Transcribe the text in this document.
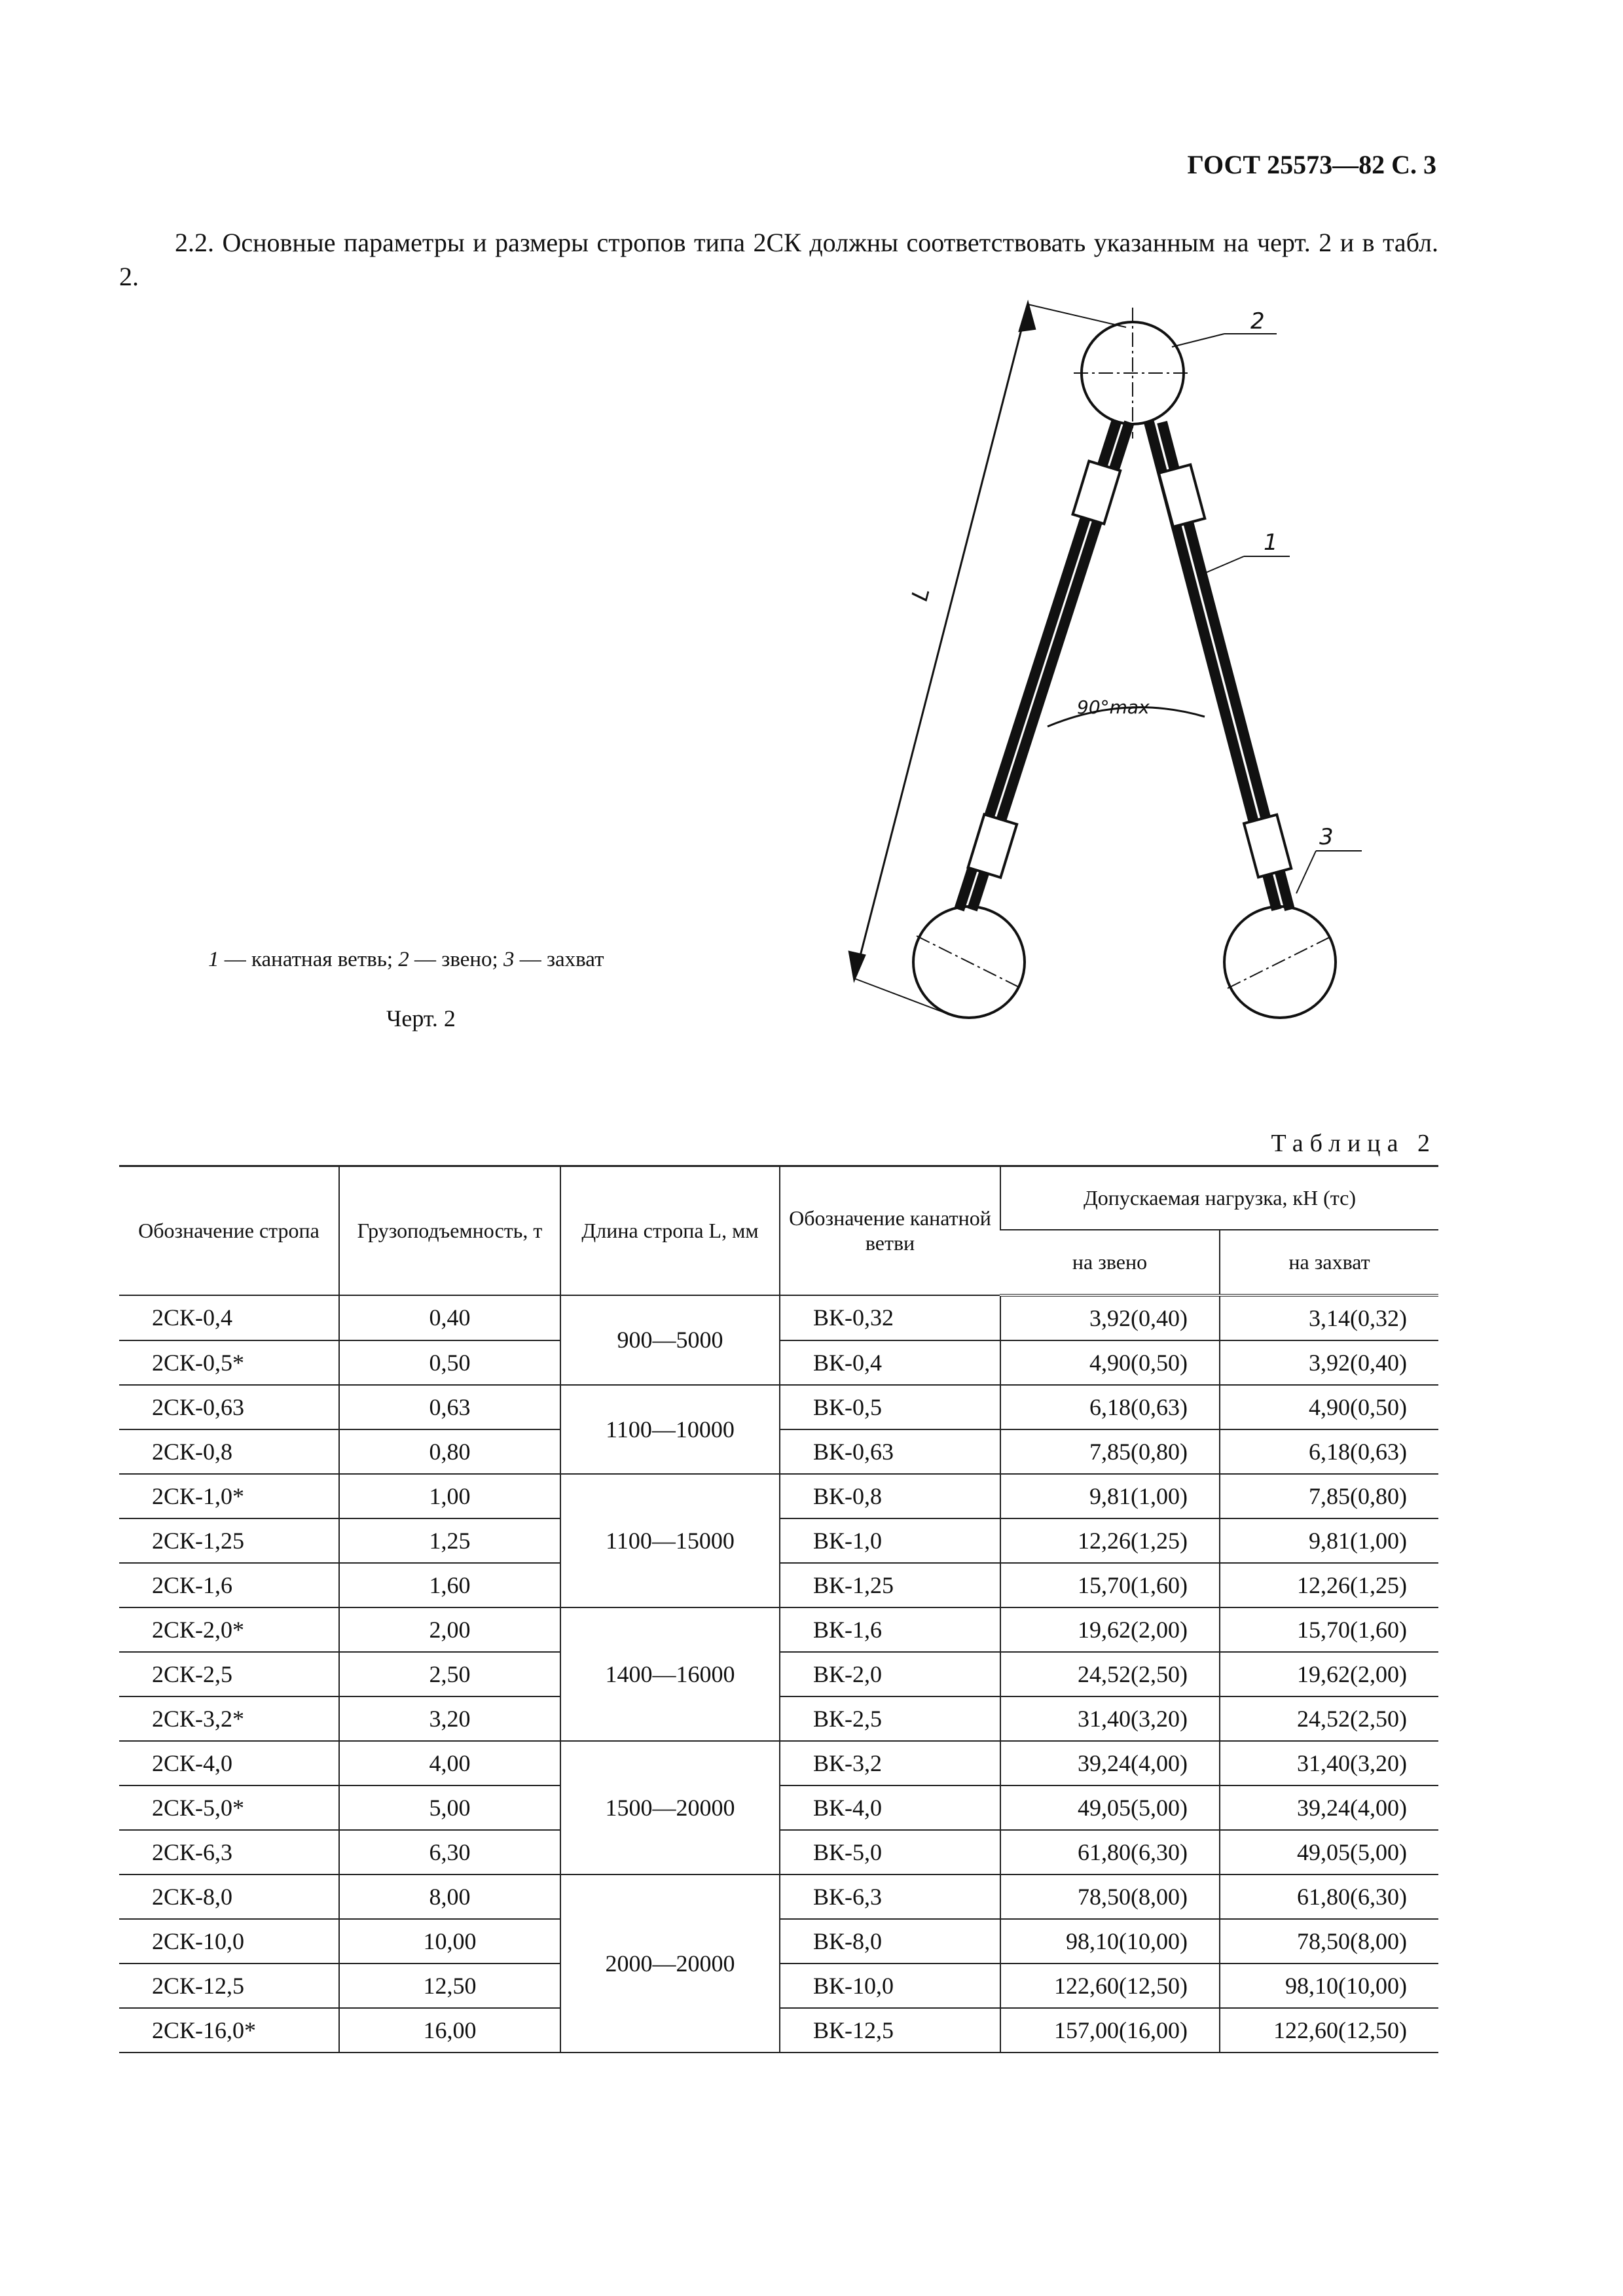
ГОСТ 25573—82 С. 3

2.2. Основные параметры и размеры стропов типа 2СК должны соответствовать указанным на черт. 2 и в табл. 2.

2
1
3
L
90°max
1 — канатная ветвь; 2 — звено; 3 — захват
Черт. 2
Таблица 2
Обозначение стропа	Грузоподъемность, т	Длина стропа L, мм	Обозначение канатной ветви	Допускаемая нагрузка, кН (тс)	
				на звено	на захват
2СК-0,4	0,40	900—5000	ВК-0,32	3,92(0,40)	3,14(0,32)
2СК-0,5*	0,50		ВК-0,4	4,90(0,50)	3,92(0,40)
2СК-0,63	0,63	1100—10000	ВК-0,5	6,18(0,63)	4,90(0,50)
2СК-0,8	0,80		ВК-0,63	7,85(0,80)	6,18(0,63)
2СК-1,0*	1,00	1100—15000	ВК-0,8	9,81(1,00)	7,85(0,80)
2СК-1,25	1,25		ВК-1,0	12,26(1,25)	9,81(1,00)
2СК-1,6	1,60		ВК-1,25	15,70(1,60)	12,26(1,25)
2СК-2,0*	2,00	1400—16000	ВК-1,6	19,62(2,00)	15,70(1,60)
2СК-2,5	2,50		ВК-2,0	24,52(2,50)	19,62(2,00)
2СК-3,2*	3,20		ВК-2,5	31,40(3,20)	24,52(2,50)
2СК-4,0	4,00	1500—20000	ВК-3,2	39,24(4,00)	31,40(3,20)
2СК-5,0*	5,00		ВК-4,0	49,05(5,00)	39,24(4,00)
2СК-6,3	6,30		ВК-5,0	61,80(6,30)	49,05(5,00)
2СК-8,0	8,00	2000—20000	ВК-6,3	78,50(8,00)	61,80(6,30)
2СК-10,0	10,00		ВК-8,0	98,10(10,00)	78,50(8,00)
2СК-12,5	12,50		ВК-10,0	122,60(12,50)	98,10(10,00)
2СК-16,0*	16,00		ВК-12,5	157,00(16,00)	122,60(12,50)
